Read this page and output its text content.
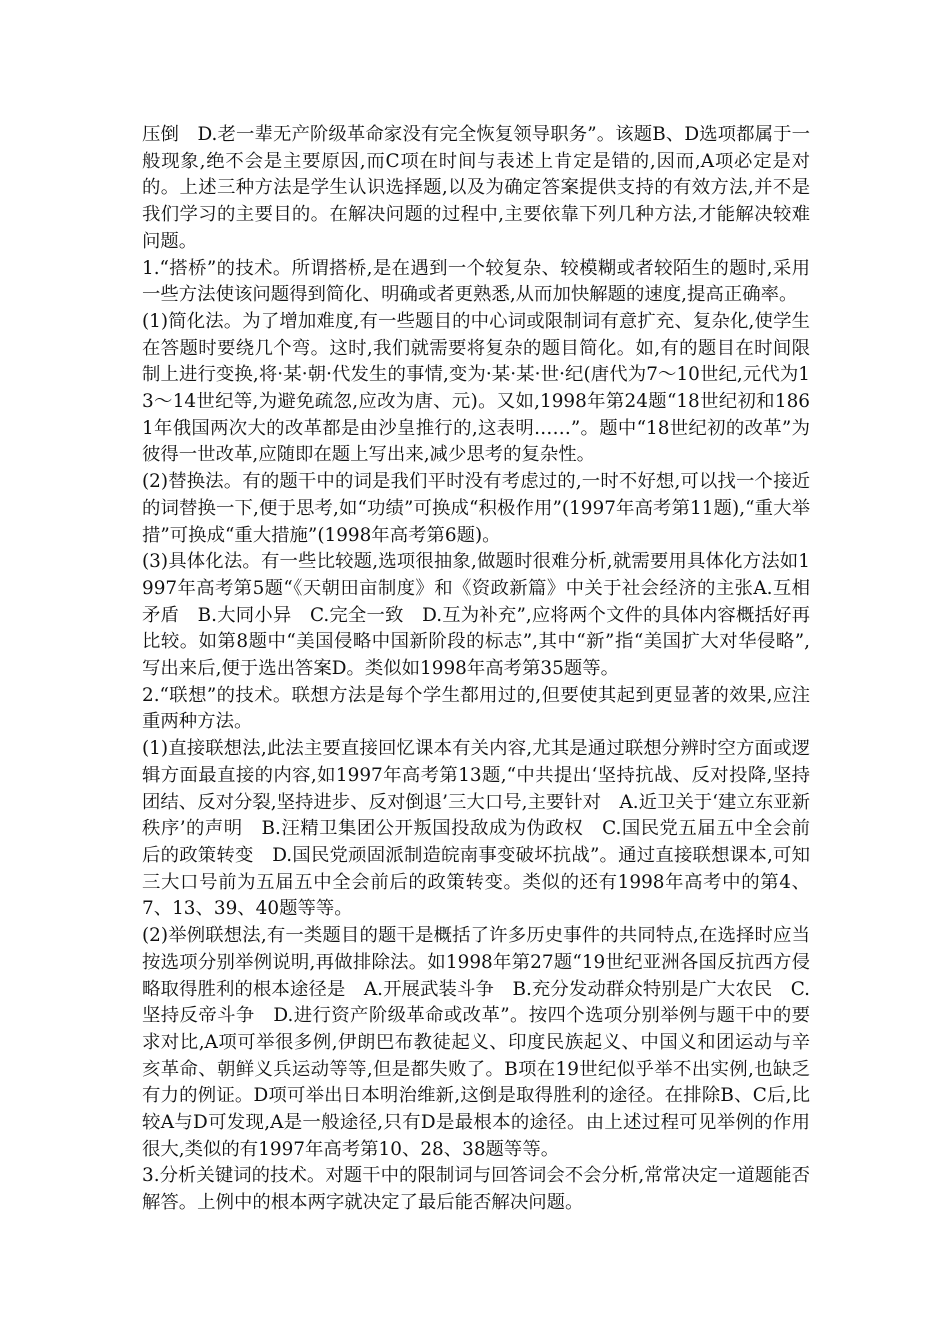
压倒　D.老一辈无产阶级革命家没有完全恢复领导职务”。该题B、D选项都属于一般现象,绝不会是主要原因,而C项在时间与表述上肯定是错的,因而,A项必定是对的。上述三种方法是学生认识选择题,以及为确定答案提供支持的有效方法,并不是我们学习的主要目的。在解决问题的过程中,主要依靠下列几种方法,才能解决较难问题。

1.“搭桥”的技术。所谓搭桥,是在遇到一个较复杂、较模糊或者较陌生的题时,采用一些方法使该问题得到简化、明确或者更熟悉,从而加快解题的速度,提高正确率。

(1)简化法。为了增加难度,有一些题目的中心词或限制词有意扩充、复杂化,使学生在答题时要绕几个弯。这时,我们就需要将复杂的题目简化。如,有的题目在时间限制上进行变换,将·某·朝·代发生的事情,变为·某·某·世·纪(唐代为7～10世纪,元代为13～14世纪等,为避免疏忽,应改为唐、元)。又如,1998年第24题“18世纪初和1861年俄国两次大的改革都是由沙皇推行的,这表明……”。题中“18世纪初的改革”为彼得一世改革,应随即在题上写出来,减少思考的复杂性。

(2)替换法。有的题干中的词是我们平时没有考虑过的,一时不好想,可以找一个接近的词替换一下,便于思考,如“功绩”可换成“积极作用”(1997年高考第11题),“重大举措”可换成“重大措施”(1998年高考第6题)。

(3)具体化法。有一些比较题,选项很抽象,做题时很难分析,就需要用具体化方法如1997年高考第5题“《天朝田亩制度》和《资政新篇》中关于社会经济的主张A.互相矛盾　B.大同小异　C.完全一致　D.互为补充”,应将两个文件的具体内容概括好再比较。如第8题中“美国侵略中国新阶段的标志”,其中“新”指“美国扩大对华侵略”,写出来后,便于选出答案D。类似如1998年高考第35题等。

2.“联想”的技术。联想方法是每个学生都用过的,但要使其起到更显著的效果,应注重两种方法。

(1)直接联想法,此法主要直接回忆课本有关内容,尤其是通过联想分辨时空方面或逻辑方面最直接的内容,如1997年高考第13题,“中共提出‘坚持抗战、反对投降,坚持团结、反对分裂,坚持进步、反对倒退’三大口号,主要针对　A.近卫关于‘建立东亚新秩序’的声明　B.汪精卫集团公开叛国投敌成为伪政权　C.国民党五届五中全会前后的政策转变　D.国民党顽固派制造皖南事变破坏抗战”。通过直接联想课本,可知三大口号前为五届五中全会前后的政策转变。类似的还有1998年高考中的第4、7、13、39、40题等等。

(2)举例联想法,有一类题目的题干是概括了许多历史事件的共同特点,在选择时应当按选项分别举例说明,再做排除法。如1998年第27题“19世纪亚洲各国反抗西方侵略取得胜利的根本途径是　A.开展武装斗争　B.充分发动群众特别是广大农民　C.坚持反帝斗争　D.进行资产阶级革命或改革”。按四个选项分别举例与题干中的要求对比,A项可举很多例,伊朗巴布教徒起义、印度民族起义、中国义和团运动与辛亥革命、朝鲜义兵运动等等,但是都失败了。B项在19世纪似乎举不出实例,也缺乏有力的例证。D项可举出日本明治维新,这倒是取得胜利的途径。在排除B、C后,比较A与D可发现,A是一般途径,只有D是最根本的途径。由上述过程可见举例的作用很大,类似的有1997年高考第10、28、38题等等。

3.分析关键词的技术。对题干中的限制词与回答词会不会分析,常常决定一道题能否解答。上例中的根本两字就决定了最后能否解决问题。
